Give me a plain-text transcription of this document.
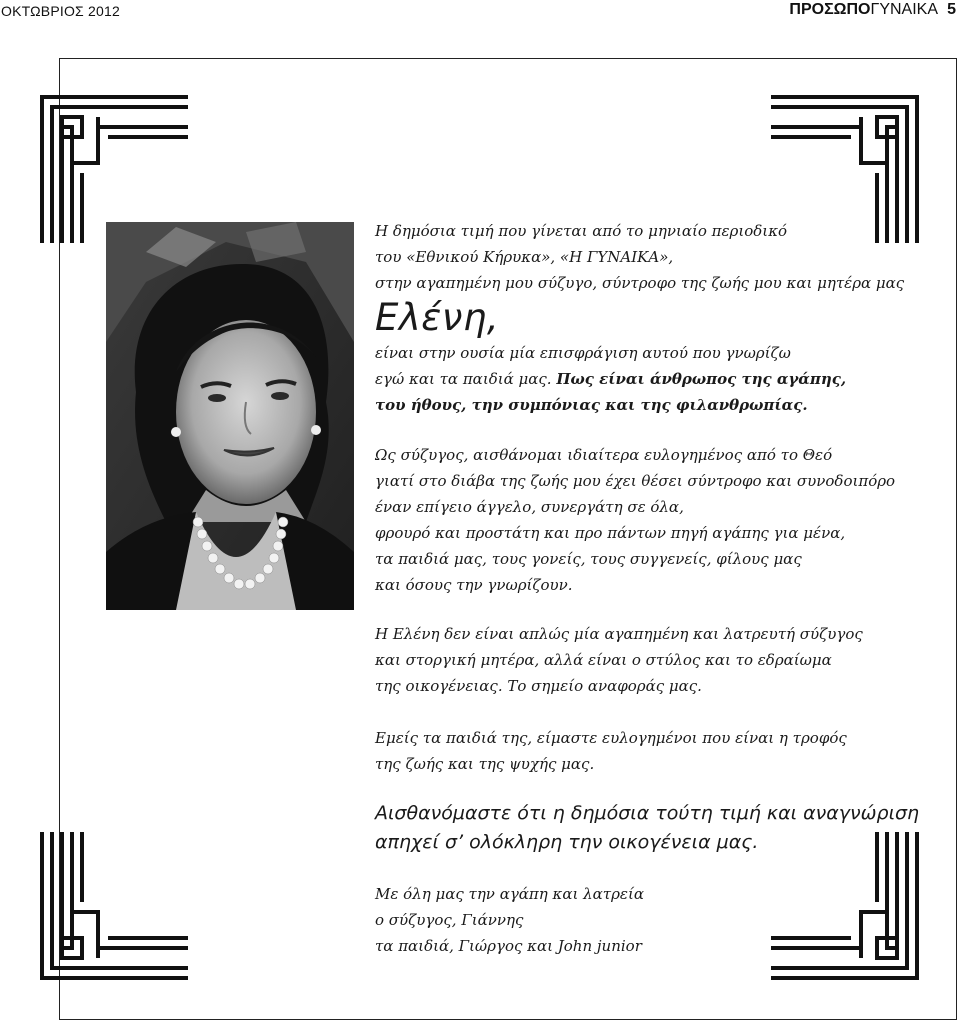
ΟΚΤΩΒΡΙΟΣ 2012	ΠΡΟΣΩΠΟΓΥΝΑΙΚΑ 5
Η δημόσια τιμή που γίνεται από το μηνιαίο περιοδικό
του «Εθνικού Κήρυκα», «Η ΓΥΝΑΙΚΑ»,
στην αγαπημένη μου σύζυγο, σύντροφο της ζωής μου και μητέρα μας
Ελένη,
είναι στην ουσία μία επισφράγιση αυτού που γνωρίζω
εγώ και τα παιδιά μας. Πως είναι άνθρωπος της αγάπης,
του ήθους, την συμπόνιας και της φιλανθρωπίας.
Ως σύζυγος, αισθάνομαι ιδιαίτερα ευλογημένος από το Θεό
γιατί στο διάβα της ζωής μου έχει θέσει σύντροφο και συνοδοιπόρο
έναν επίγειο άγγελο, συνεργάτη σε όλα,
φρουρό και προστάτη και προ πάντων πηγή αγάπης για μένα,
τα παιδιά μας, τους γονείς, τους συγγενείς, φίλους μας
και όσους την γνωρίζουν.
Η Ελένη δεν είναι απλώς μία αγαπημένη και λατρευτή σύζυγος
και στοργική μητέρα, αλλά είναι ο στύλος και το εδραίωμα
της οικογένειας. Το σημείο αναφοράς μας.
Εμείς τα παιδιά της, είμαστε ευλογημένοι που είναι η τροφός
της ζωής και της ψυχής μας.
Αισθανόμαστε ότι η δημόσια τούτη τιμή και αναγνώριση
απηχεί σ’ ολόκληρη την οικογένεια μας.
Με όλη μας την αγάπη και λατρεία
ο σύζυγος, Γιάννης
τα παιδιά, Γιώργος και John junior
